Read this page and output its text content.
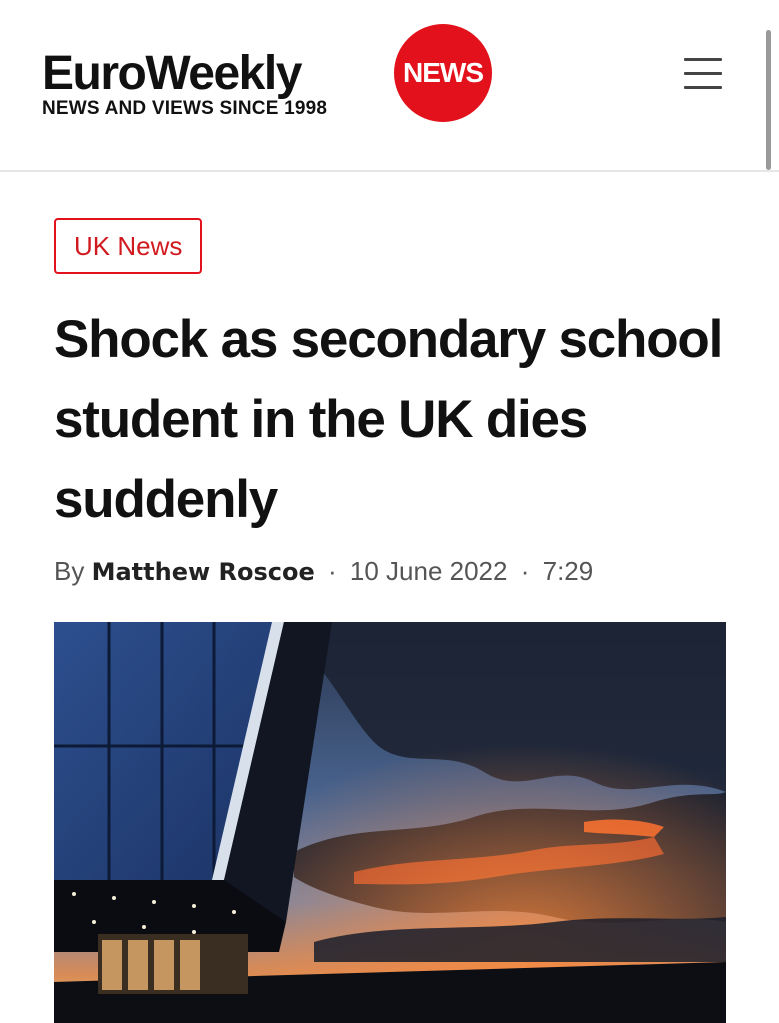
EuroWeekly	NEWS
NEWS AND VIEWS SINCE 1998
UK News
Shock as secondary school student in the UK dies suddenly
By Matthew Roscoe · 10 June 2022 · 7:29
